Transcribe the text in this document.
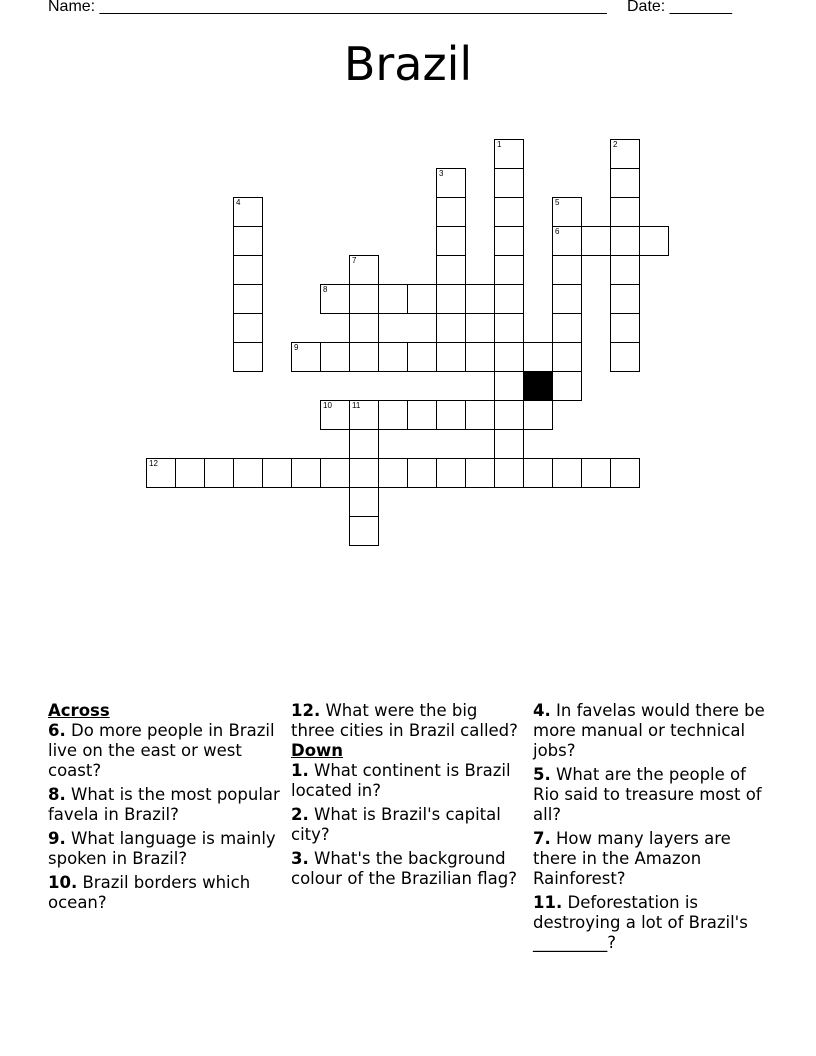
Name: _________________________________________________________ Date: _______
Brazil
1	2
3
4	5
6
7
8
9
10	11
12
Across
6. Do more people in Brazil live on the east or west coast?
8. What is the most popular favela in Brazil?
9. What language is mainly spoken in Brazil?
10. Brazil borders which ocean?
12. What were the big three cities in Brazil called?
Down
1. What continent is Brazil located in?
2. What is Brazil's capital city?
3. What's the background colour of the Brazilian flag?
4. In favelas would there be more manual or technical jobs?
5. What are the people of Rio said to treasure most of all?
7. How many layers are there in the Amazon Rainforest?
11. Deforestation is destroying a lot of Brazil's _________?
